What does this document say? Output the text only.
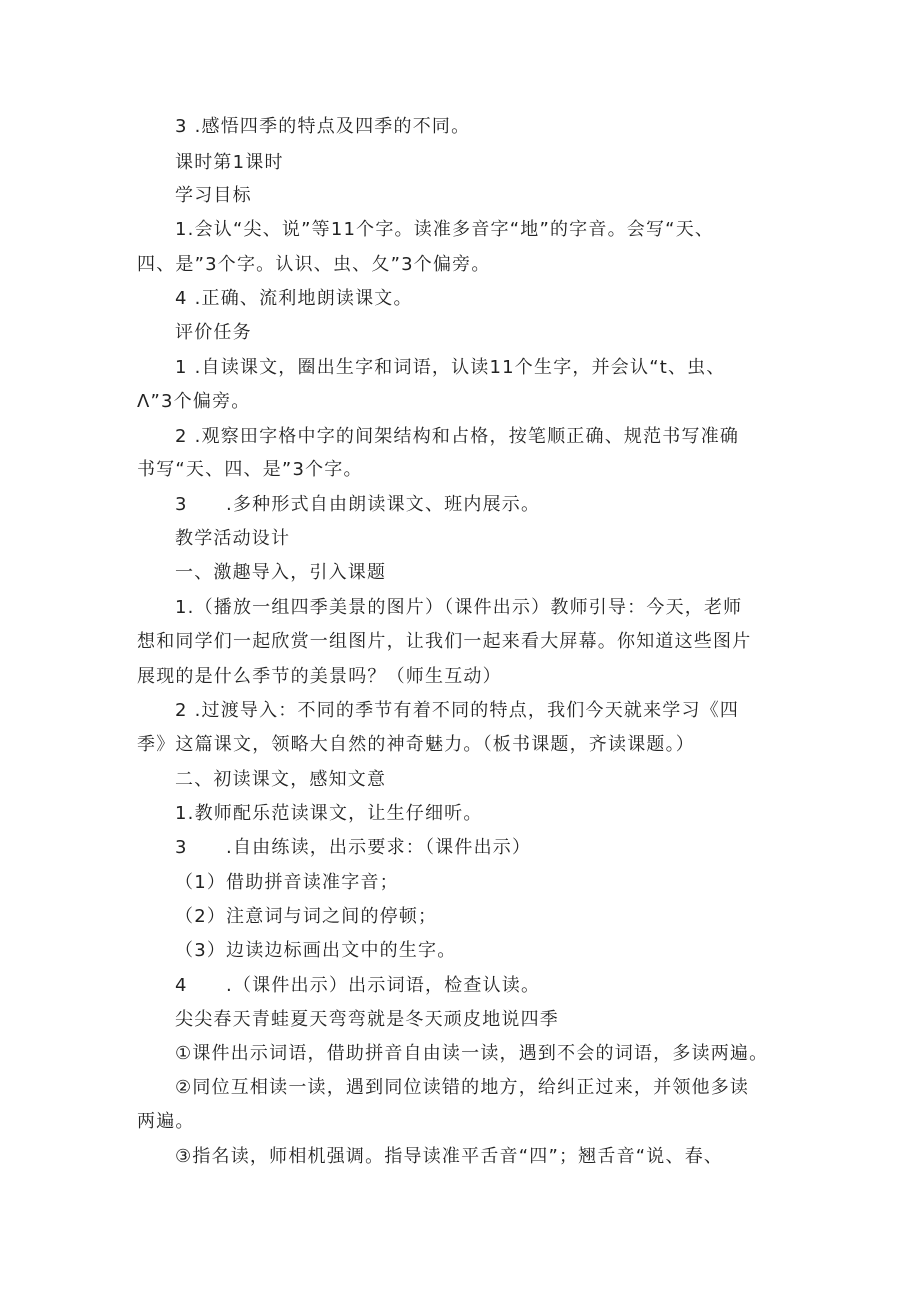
3 .感悟四季的特点及四季的不同。
课时第1课时
学习目标
1.会认“尖、说”等11个字。读准多音字“地”的字音。会写“天、
四、是”3个字。认识、虫、夂”3个偏旁。
4 .正确、流利地朗读课文。
评价任务
1 .自读课文，圈出生字和词语，认读11个生字，并会认“t、虫、
Λ”3个偏旁。
2 .观察田字格中字的间架结构和占格，按笔顺正确、规范书写准确
书写“天、四、是”3个字。
3　　.多种形式自由朗读课文、班内展示。
教学活动设计
一、激趣导入，引入课题
1.（播放一组四季美景的图片）（课件出示）教师引导：今天，老师
想和同学们一起欣赏一组图片，让我们一起来看大屏幕。你知道这些图片
展现的是什么季节的美景吗？（师生互动）
2 .过渡导入：不同的季节有着不同的特点，我们今天就来学习《四
季》这篇课文，领略大自然的神奇魅力。（板书课题，齐读课题。）
二、初读课文，感知文意
1.教师配乐范读课文，让生仔细听。
3　　.自由练读，出示要求：（课件出示）
（1）借助拼音读准字音；
（2）注意词与词之间的停顿；
（3）边读边标画出文中的生字。
4　　.（课件出示）出示词语，检查认读。
尖尖春天青蛙夏天弯弯就是冬天顽皮地说四季
①课件出示词语，借助拼音自由读一读，遇到不会的词语，多读两遍。
②同位互相读一读，遇到同位读错的地方，给纠正过来，并领他多读
两遍。
③指名读，师相机强调。指导读准平舌音“四”；翘舌音“说、春、
